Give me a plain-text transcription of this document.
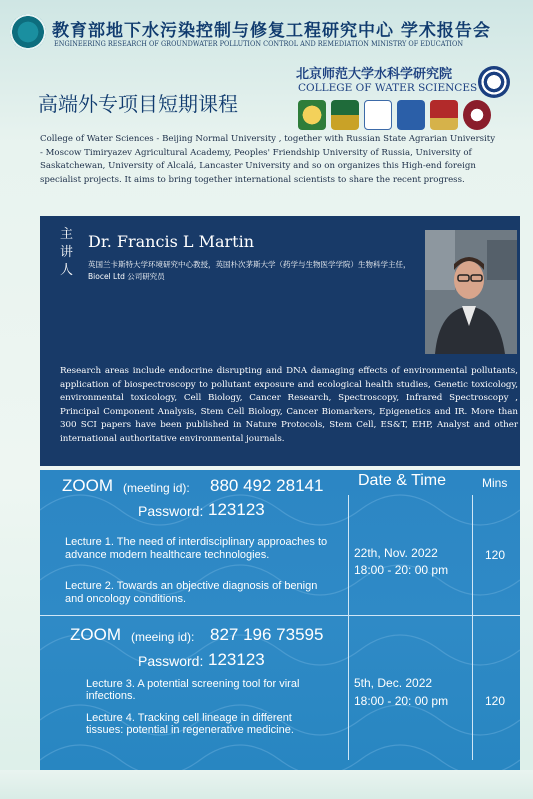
教育部地下水污染控制与修复工程研究中心 学术报告会
ENGINEERING RESEARCH OF GROUNDWATER POLLUTION CONTROL AND REMEDIATION MINISTRY OF EDUCATION
高端外专项目短期课程
北京师范大学水科学研究院
COLLEGE OF WATER SCIENCES
College of Water Sciences - Beijing Normal University , together with Russian State Agrarian University - Moscow Timiryazev Agricultural Academy, Peoples' Friendship University of Russia, University of Saskatchewan, University of Alcalá, Lancaster University and so on organizes this High-end foreign specialist projects. It aims to bring together international scientists to share the recent progress.
主讲人
Dr. Francis L Martin
英国兰卡斯特大学环境研究中心教授，英国朴次茅斯大学（药学与生物医学学院）生物科学主任，Biocel Ltd 公司研究员
Research areas include endocrine disrupting and DNA damaging effects of environmental pollutants, application of biospectroscopy to pollutant exposure and ecological health studies, Genetic toxicology, environmental toxicology, Cell Biology, Cancer Research, Spectroscopy, Infrared Spectroscopy , Principal Component Analysis, Stem Cell Biology, Cancer Biomarkers, Epigenetics and IR. More than 300 SCI papers have been published in Nature Protocols, Stem Cell, ES&T, EHP, Analyst and other international authoritative environmental journals.
Date & Time	Mins
ZOOM (meeting id): 880 492 28141
Password: 123123
Lecture 1. The need of interdisciplinary approaches to advance modern healthcare technologies.
Lecture 2. Towards an objective diagnosis of benign and oncology conditions.
22th, Nov. 2022
18:00 - 20: 00 pm
120
ZOOM (meeing id): 827 196 73595
Password: 123123
Lecture 3. A potential screening tool for viral infections.
Lecture 4. Tracking cell lineage in different tissues: potential in regenerative medicine.
5th, Dec. 2022
18:00 - 20: 00 pm	120
